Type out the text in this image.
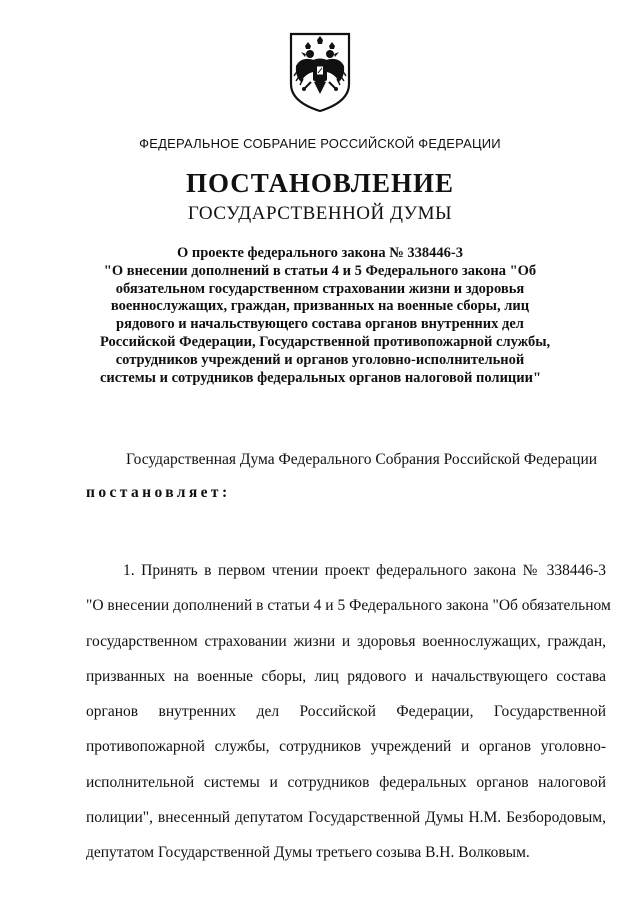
ФЕДЕРАЛЬНОЕ СОБРАНИЕ РОССИЙСКОЙ ФЕДЕРАЦИИ
ПОСТАНОВЛЕНИЕ
ГОСУДАРСТВЕННОЙ ДУМЫ
О проекте федерального закона № 338446-3
"О внесении дополнений в статьи 4 и 5 Федерального закона "Об
обязательном государственном страховании жизни и здоровья
военнослужащих, граждан, призванных на военные сборы, лиц
рядового и начальствующего состава органов внутренних дел
Российской Федерации, Государственной противопожарной службы,
сотрудников учреждений и органов уголовно-исполнительной
системы и сотрудников федеральных органов налоговой полиции"
Государственная Дума Федерального Собрания Российской Федерации
постановляет:
1. Принять в первом чтении проект федерального закона № 338446-3
"О внесении дополнений в статьи 4 и 5 Федерального закона "Об обязательном
государственном страховании жизни и здоровья военнослужащих, граждан,
призванных на военные сборы, лиц рядового и начальствующего состава
органов внутренних дел Российской Федерации, Государственной
противопожарной службы, сотрудников учреждений и органов уголовно-
исполнительной системы и сотрудников федеральных органов налоговой
полиции", внесенный депутатом Государственной Думы Н.М. Безбородовым,
депутатом Государственной Думы третьего созыва В.Н. Волковым.
